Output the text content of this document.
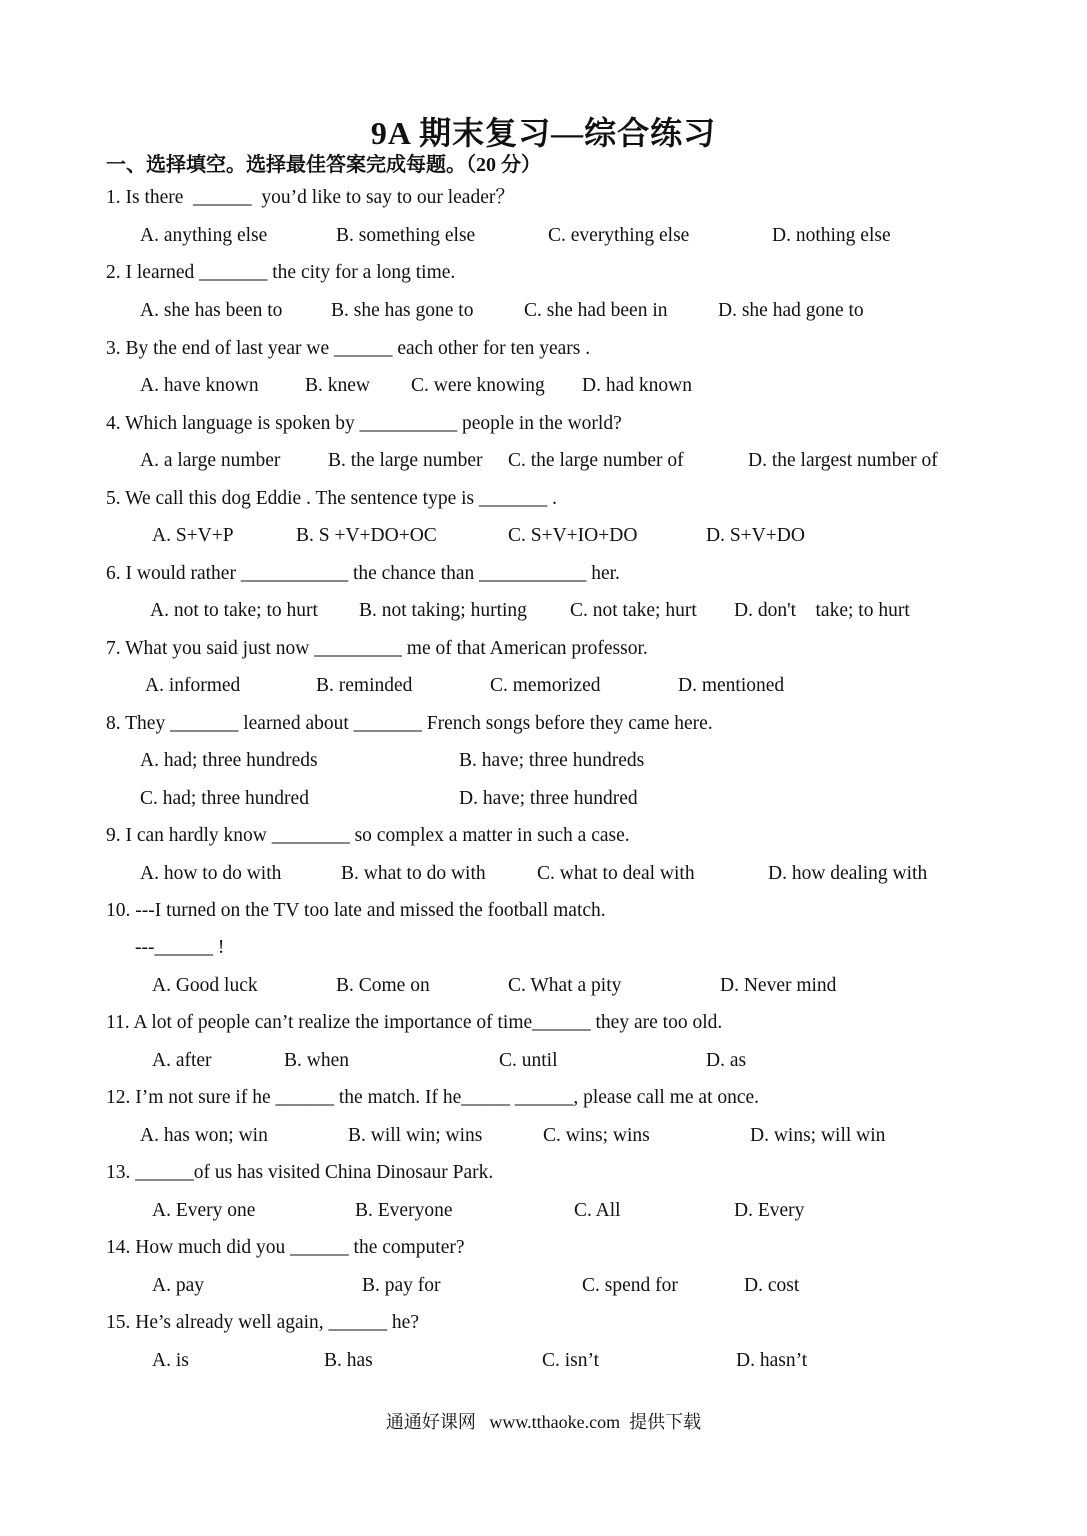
9A 期末复习—综合练习
一、选择填空。选择最佳答案完成每题。（20 分）
1. Is there  ______  you’d like to say to our leader？
A. anything else	B. something else	C. everything else	D. nothing else
2. I learned _______ the city for a long time.
A. she has been to B. she has gone to	C. she had been in	D. she had gone to
3. By the end of last year we ______ each other for ten years .
A. have known B. knew C. were knowing D. had known
4. Which language is spoken by __________ people in the world?
A. a large number B. the large number C. the large number of	D. the largest number of
5. We call this dog Eddie . The sentence type is _______ .
A. S+V+P	B. S +V+DO+OC	C. S+V+IO+DO	D. S+V+DO
6. I would rather ___________ the chance than ___________ her.
A. not to take; to hurt B. not taking; hurting C. not take; hurt D. don't    take; to hurt
7. What you said just now _________ me of that American professor.
A. informed	B. reminded	C. memorized	D. mentioned
8. They _______ learned about _______ French songs before they came here.
A. had; three hundreds	B. have; three hundreds
C. had; three hundred	D. have; three hundred
9. I can hardly know ________ so complex a matter in such a case.
A. how to do with	B. what to do with	C. what to deal with	D. how dealing with
10. ---I turned on the TV too late and missed the football match.
---______ !
A. Good luck	B. Come on	C. What a pity	D. Never mind
11. A lot of people can’t realize the importance of time______ they are too old.
A. after	B. when	C. until	D. as
12. I’m not sure if he ______ the match. If he_____ ______, please call me at once.
A. has won; win	B. will win; wins	C. wins; wins	D. wins; will win
13. ______of us has visited China Dinosaur Park.
A. Every one	B. Everyone	C. All	D. Every
14. How much did you ______ the computer?
A. pay	B. pay for	C. spend for	D. cost
15. He’s already well again, ______ he?
A. is	B. has	C. isn’t	D. hasn’t
通通好课网   www.tthaoke.com  提供下载
